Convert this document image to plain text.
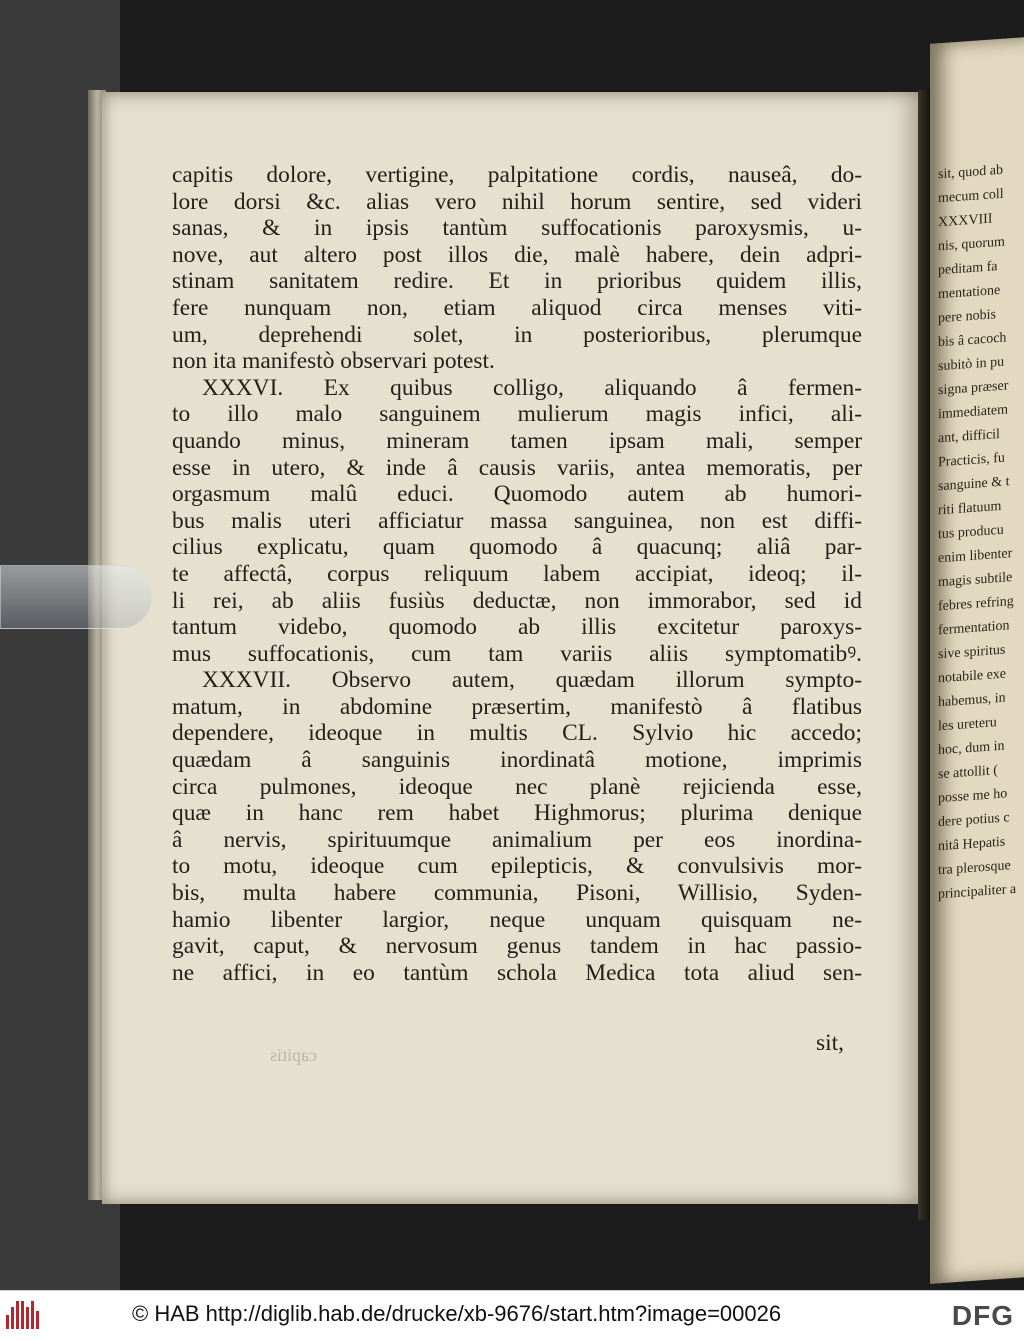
sit, quod ab
mecum coll
XXXVIII
nis, quorum
peditam fa
mentatione
pere nobis
bis â cacoch
subitò in pu
signa præser
immediatem
ant, difficil
Practicis, fu
sanguine & t
riti flatuum
tus producu
enim libenter
magis subtile
febres refring
fermentation
sive spiritus
notabile exe
habemus, in
les ureteru
hoc, dum in
se attollit (
posse me ho
dere potius c
nitâ Hepatis
tra plerosque
principaliter a
capitis dolore, vertigine, palpitatione cordis, nauseâ, do-
lore dorsi &c. alias vero nihil horum sentire, sed videri
sanas, & in ipsis tantùm suffocationis paroxysmis, u-
nove, aut altero post illos die, malè habere, dein adpri-
stinam sanitatem redire. Et in prioribus quidem illis,
fere nunquam non, etiam aliquod circa menses viti-
um, deprehendi solet, in posterioribus, plerumque
non ita manifestò observari potest.
XXXVI. Ex quibus colligo, aliquando â fermen-
to illo malo sanguinem mulierum magis infici, ali-
quando minus, mineram tamen ipsam mali, semper
esse in utero, & inde â causis variis, antea memoratis, per
orgasmum malû educi. Quomodo autem ab humori-
bus malis uteri afficiatur massa sanguinea, non est diffi-
cilius explicatu, quam quomodo â quacunq; aliâ par-
te affectâ, corpus reliquum labem accipiat, ideoq; il-
li rei, ab aliis fusiùs deductæ, non immorabor, sed id
tantum videbo, quomodo ab illis excitetur paroxys-
mus suffocationis, cum tam variis aliis symptomatibꝰ.
XXXVII. Observo autem, quædam illorum sympto-
matum, in abdomine præsertim, manifestò â flatibus
dependere, ideoque in multis CL. Sylvio hic accedo;
quædam â sanguinis inordinatâ motione, imprimis
circa pulmones, ideoque nec planè rejicienda esse,
quæ in hanc rem habet Highmorus; plurima denique
â nervis, spirituumque animalium per eos inordina-
to motu, ideoque cum epilepticis, & convulsivis mor-
bis, multa habere communia, Pisoni, Willisio, Syden-
hamio libenter largior, neque unquam quisquam ne-
gavit, caput, & nervosum genus tandem in hac passio-
ne affici, in eo tantùm schola Medica tota aliud sen-
sit,
capitis
© HAB http://diglib.hab.de/drucke/xb-9676/start.htm?image=00026	DFG
